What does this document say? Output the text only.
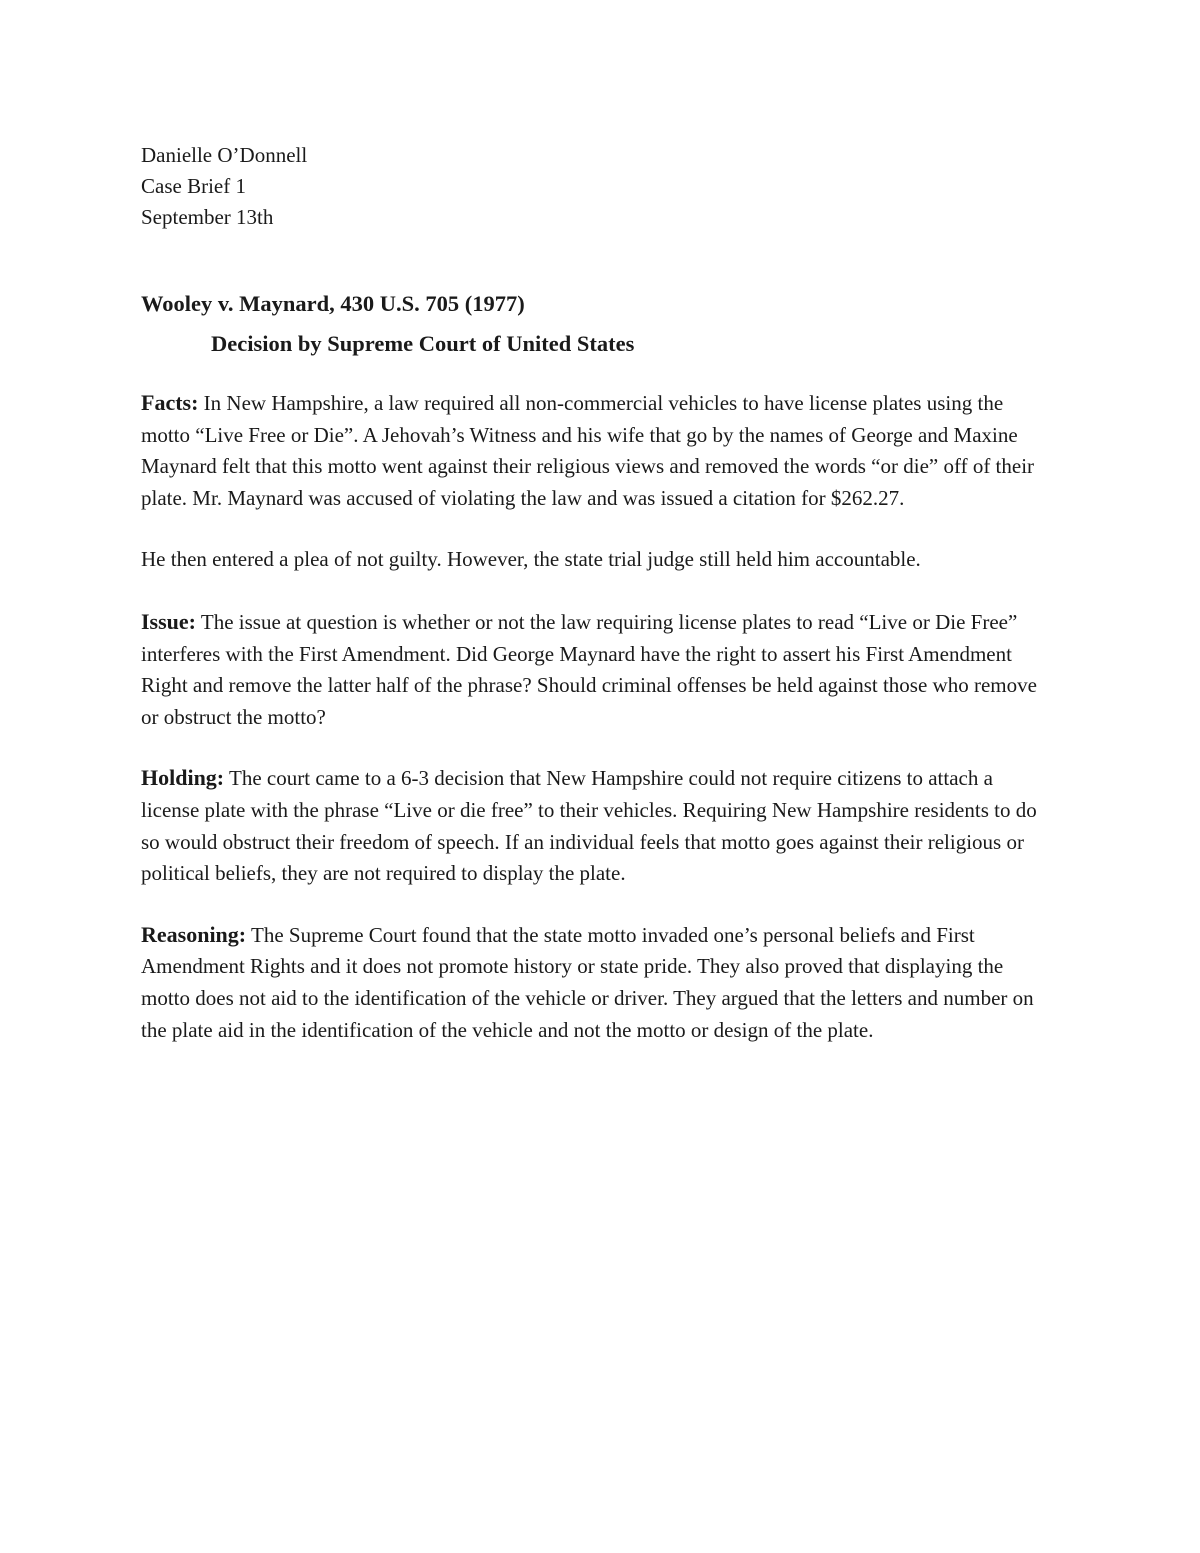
Danielle O’Donnell
Case Brief 1
September 13th
Wooley v. Maynard, 430 U.S. 705 (1977)
Decision by Supreme Court of United States

Facts: In New Hampshire, a law required all non-commercial vehicles to have license plates using the motto “Live Free or Die”. A Jehovah’s Witness and his wife that go by the names of George and Maxine Maynard felt that this motto went against their religious views and removed the words “or die” off of their plate. Mr. Maynard was accused of violating the law and was issued a citation for $262.27.

He then entered a plea of not guilty. However, the state trial judge still held him accountable.

Issue: The issue at question is whether or not the law requiring license plates to read “Live or Die Free” interferes with the First Amendment. Did George Maynard have the right to assert his First Amendment Right and remove the latter half of the phrase? Should criminal offenses be held against those who remove or obstruct the motto?

Holding: The court came to a 6-3 decision that New Hampshire could not require citizens to attach a license plate with the phrase “Live or die free” to their vehicles. Requiring New Hampshire residents to do so would obstruct their freedom of speech. If an individual feels that motto goes against their religious or political beliefs, they are not required to display the plate.

Reasoning: The Supreme Court found that the state motto invaded one’s personal beliefs and First Amendment Rights and it does not promote history or state pride. They also proved that displaying the motto does not aid to the identification of the vehicle or driver. They argued that the letters and number on the plate aid in the identification of the vehicle and not the motto or design of the plate.
